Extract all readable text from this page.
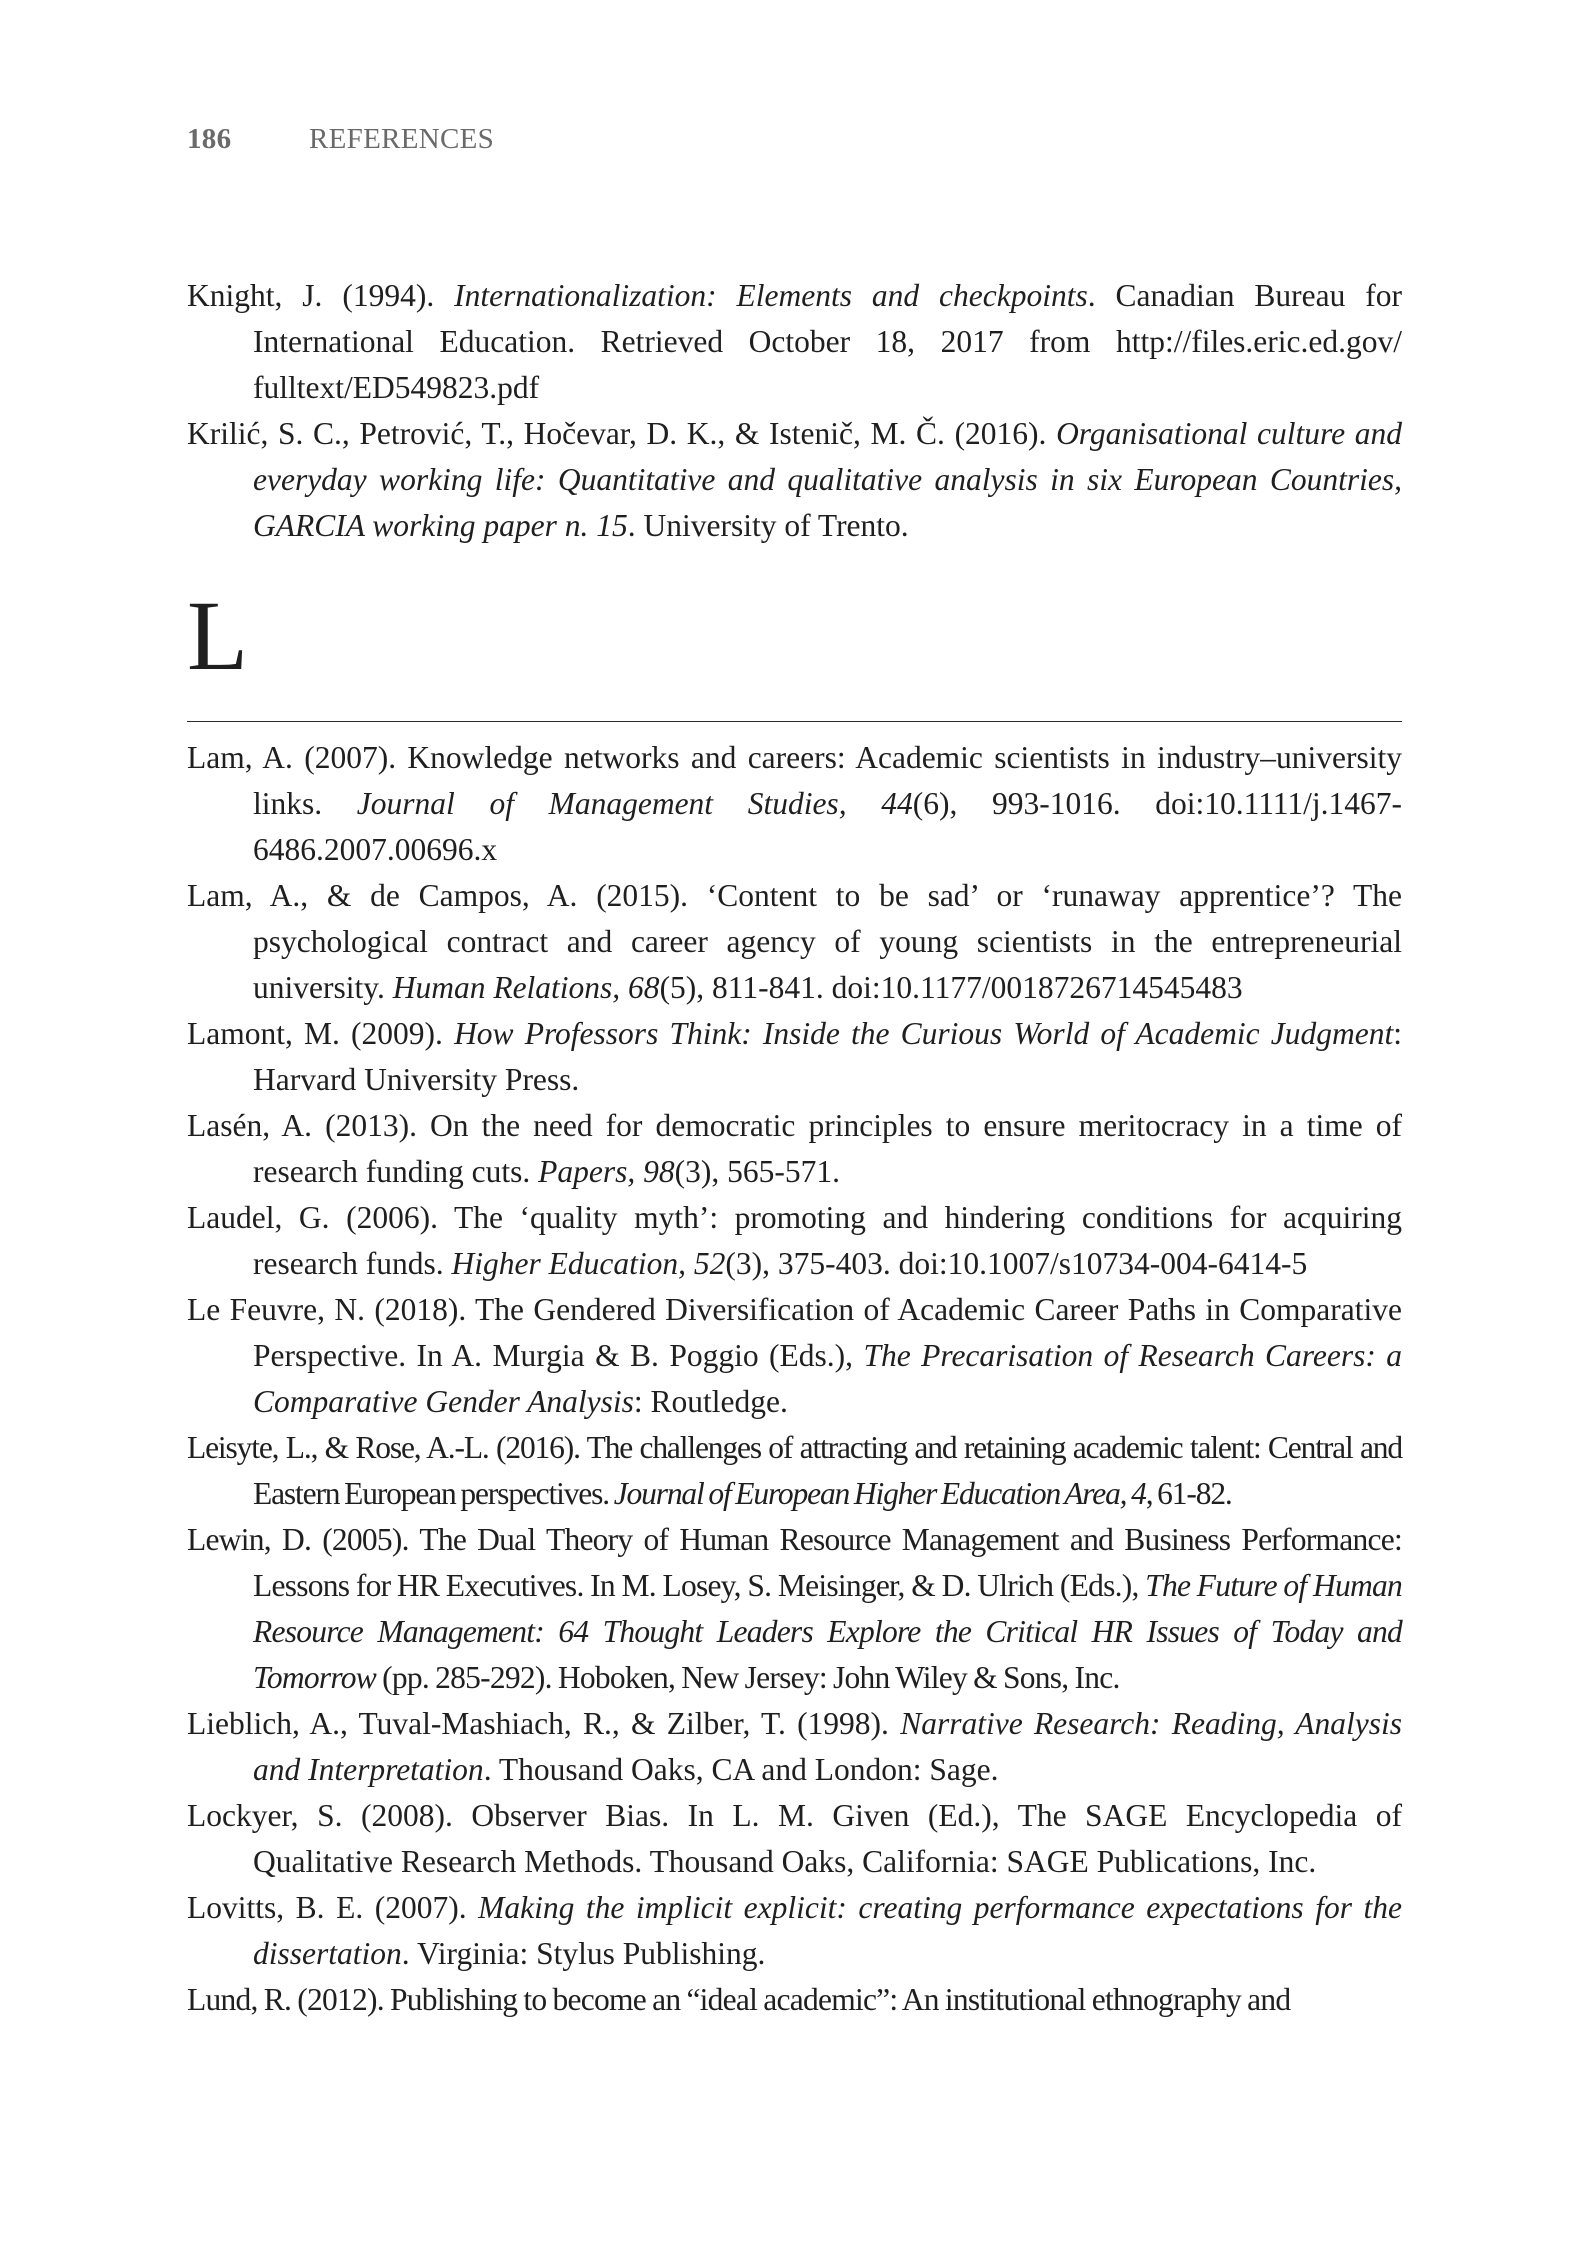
186	REFERENCES

Knight, J. (1994). Internationalization: Elements and checkpoints. Canadian Bureau for International Education. Retrieved October 18, 2017 from http://files.eric.ed.gov/ fulltext/ED549823.pdf

Krilić, S. C., Petrović, T., Hočevar, D. K., & Istenič, M. Č. (2016). Organisational culture and everyday working life: Quantitative and qualitative analysis in six European Countries, GARCIA working paper n. 15. University of Trento.

L

Lam, A. (2007). Knowledge networks and careers: Academic scientists in industry–university links. Journal of Management Studies, 44(6), 993-1016. doi:10.1111/j.1467-6486.2007.00696.x

Lam, A., & de Campos, A. (2015). ‘Content to be sad’ or ‘runaway apprentice’? The psychological contract and career agency of young scientists in the entrepreneurial university. Human Relations, 68(5), 811-841. doi:10.1177/0018726714545483

Lamont, M. (2009). How Professors Think: Inside the Curious World of Academic Judgment: Harvard University Press.

Lasén, A. (2013). On the need for democratic principles to ensure meritocracy in a time of research funding cuts. Papers, 98(3), 565-571.

Laudel, G. (2006). The ‘quality myth’: promoting and hindering conditions for acquiring research funds. Higher Education, 52(3), 375-403. doi:10.1007/s10734-004-6414-5

Le Feuvre, N. (2018). The Gendered Diversification of Academic Career Paths in Comparative Perspective. In A. Murgia & B. Poggio (Eds.), The Precarisation of Research Careers: a Comparative Gender Analysis: Routledge.

Leisyte, L., & Rose, A.-L. (2016). The challenges of attracting and retaining academic talent: Central and Eastern European perspectives. Journal of European Higher Education Area, 4, 61-82.

Lewin, D. (2005). The Dual Theory of Human Resource Management and Business Performance: Lessons for HR Executives. In M. Losey, S. Meisinger, & D. Ulrich (Eds.), The Future of Human Resource Management: 64 Thought Leaders Explore the Critical HR Issues of Today and Tomorrow (pp. 285-292). Hoboken, New Jersey: John Wiley & Sons, Inc.

Lieblich, A., Tuval-Mashiach, R., & Zilber, T. (1998). Narrative Research: Reading, Analysis and Interpretation. Thousand Oaks, CA and London: Sage.

Lockyer, S. (2008). Observer Bias. In L. M. Given (Ed.), The SAGE Encyclopedia of Qualitative Research Methods. Thousand Oaks, California: SAGE Publications, Inc.

Lovitts, B. E. (2007). Making the implicit explicit: creating performance expectations for the dissertation. Virginia: Stylus Publishing.

Lund, R. (2012). Publishing to become an “ideal academic”: An institutional ethnography and
